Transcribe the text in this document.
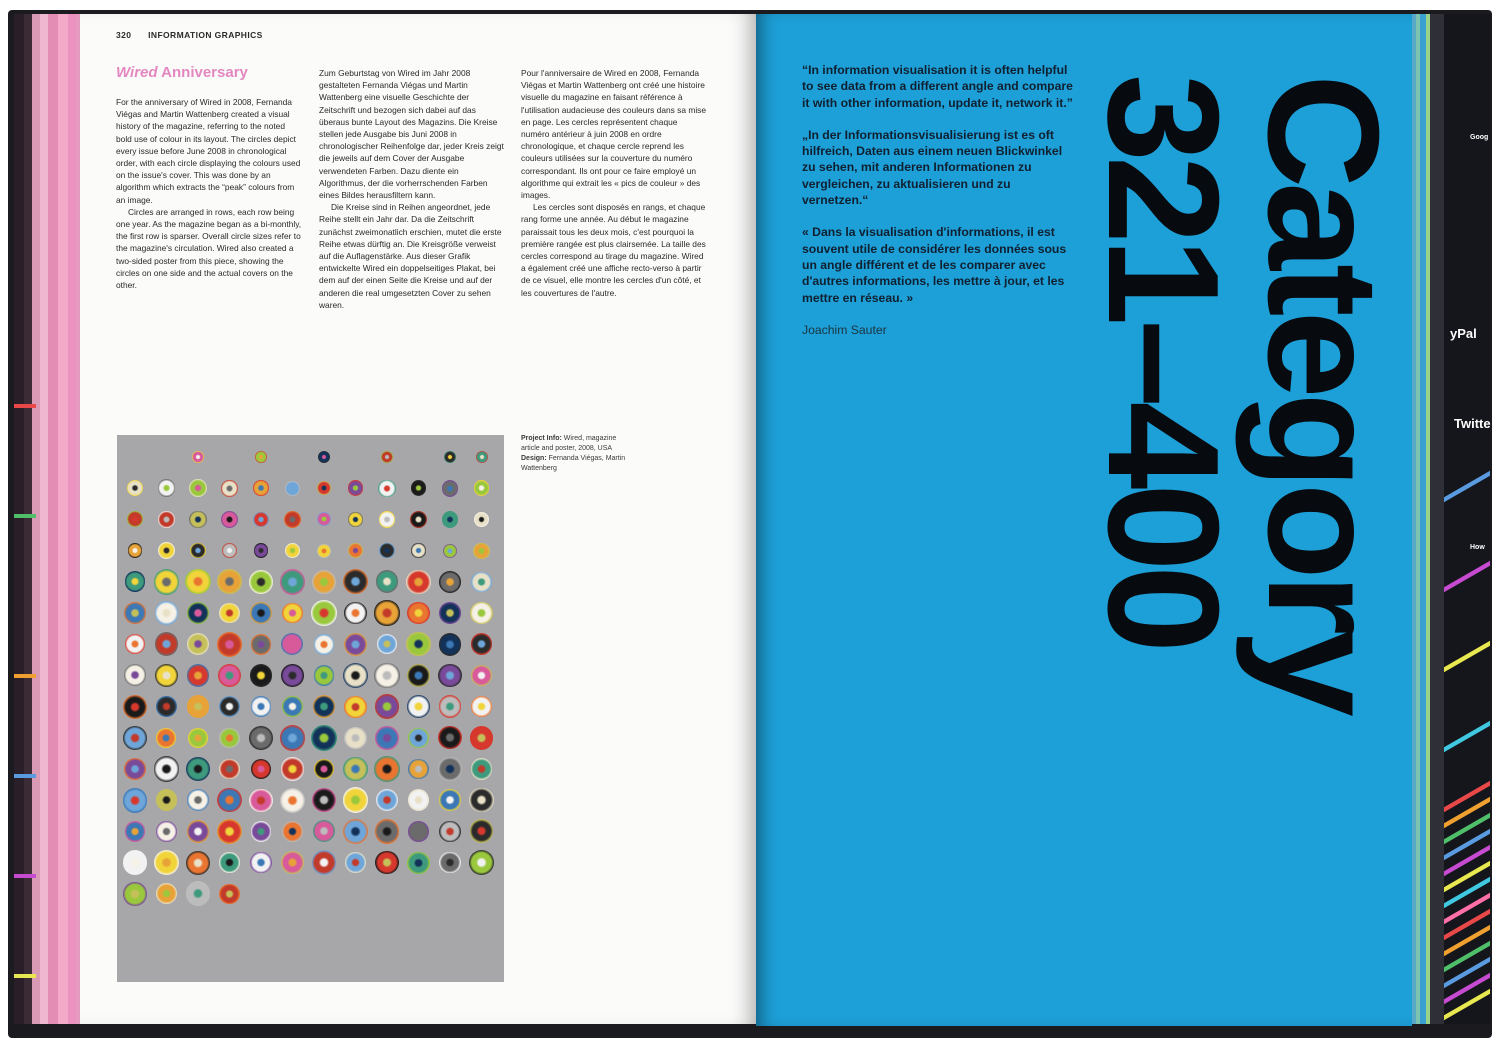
yPal
Twitte
Goog
How
320 INFORMATION GRAPHICS
Wired Anniversary

For the anniversary of Wired in 2008, Fernanda Viégas and Martin Wattenberg created a visual history of the magazine, referring to the noted bold use of colour in its layout. The circles depict every issue before June 2008 in chronological order, with each circle displaying the colours used on the issue's cover. This was done by an algorithm which extracts the “peak” colours from an image.

Circles are arranged in rows, each row being one year. As the magazine began as a bi-monthly, the first row is sparser. Overall circle sizes refer to the magazine's circulation. Wired also created a two-sided poster from this piece, showing the circles on one side and the actual covers on the other.

Zum Geburtstag von Wired im Jahr 2008 gestalteten Fernanda Viégas und Martin Wattenberg eine visuelle Geschichte der Zeitschrift und bezogen sich dabei auf das überaus bunte Layout des Magazins. Die Kreise stellen jede Ausgabe bis Juni 2008 in chronologischer Reihenfolge dar, jeder Kreis zeigt die jeweils auf dem Cover der Ausgabe verwendeten Farben. Dazu diente ein Algorithmus, der die vorherrschenden Farben eines Bildes herausfiltern kann.

Die Kreise sind in Reihen angeordnet, jede Reihe stellt ein Jahr dar. Da die Zeitschrift zunächst zweimonatlich erschien, mutet die erste Reihe etwas dürftig an. Die Kreisgröße verweist auf die Auflagenstärke. Aus dieser Grafik entwickelte Wired ein doppelseitiges Plakat, bei dem auf der einen Seite die Kreise und auf der anderen die real umgesetzten Cover zu sehen waren.

Pour l'anniversaire de Wired en 2008, Fernanda Viégas et Martin Wattenberg ont créé une histoire visuelle du magazine en faisant référence à l'utilisation audacieuse des couleurs dans sa mise en page. Les cercles représentent chaque numéro antérieur à juin 2008 en ordre chronologique, et chaque cercle reprend les couleurs utilisées sur la couverture du numéro correspondant. Ils ont pour ce faire employé un algorithme qui extrait les « pics de couleur » des images.

Les cercles sont disposés en rangs, et chaque rang forme une année. Au début le magazine paraissait tous les deux mois, c'est pourquoi la première rangée est plus clairsemée. La taille des cercles correspond au tirage du magazine. Wired a également créé une affiche recto-verso à partir de ce visuel, elle montre les cercles d'un côté, et les couvertures de l'autre.

Project Info: Wired, magazine article and poster, 2008, USA
Design: Fernanda Viégas, Martin Wattenberg

“In information visualisation it is often helpful to see data from a different angle and compare it with other information, update it, network it.”

„In der Informationsvisualisierung ist es oft hilfreich, Daten aus einem neuen Blickwinkel zu sehen, mit anderen Informationen zu vergleichen, zu aktualisieren und zu vernetzen.“

« Dans la visualisation d'informations, il est souvent utile de considérer les données sous un angle différent et de les comparer avec d'autres informations, les mettre à jour, et les mettre en réseau. »

Joachim Sauter	Category
321–400
